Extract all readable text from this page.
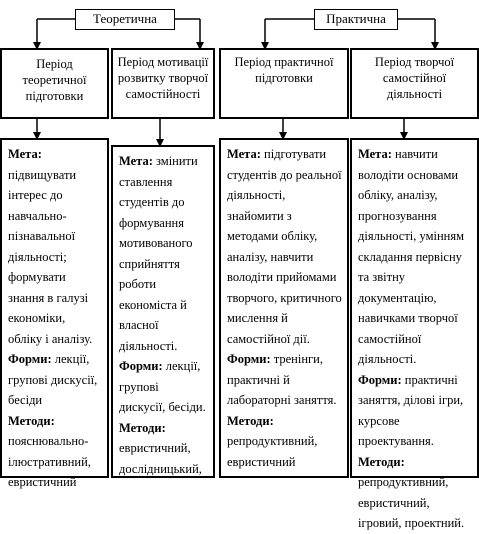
Теоретична	Практична
Період теоретичної підготовки
Період мотивації розвитку творчої самостійності
Період практичної підготовки
Період творчої самостійної діяльності
Мета: підвищувати інтерес до навчально-пізнавальної діяльності; формувати знання в галузі економіки, обліку і аналізу.
Форми: лекції, групові дискусії, бесіди
Методи: пояснювально-ілюстративний, евристичний
Мета: змінити ставлення студентів до формування мотивованого сприйняття роботи економіста й власної діяльності.
Форми: лекції, групові дискусії, бесіди.
Методи: евристичний, дослідницький,
Мета: підготувати студентів до реальної діяльності, знайомити з методами обліку, аналізу, навчити володіти прийомами творчого, критичного мислення й самостійної дії.
Форми: тренінги, практичні й лабораторні заняття.
Методи: репродуктивний, евристичний
Мета: навчити володіти основами обліку, аналізу, прогнозування діяльності, умінням складання первісну та звітну документацію, навичками творчої самостійної діяльності.
Форми: практичні заняття, ділові ігри, курсове проектування.
Методи: репродуктивний, евристичний, ігровий, проектний.
